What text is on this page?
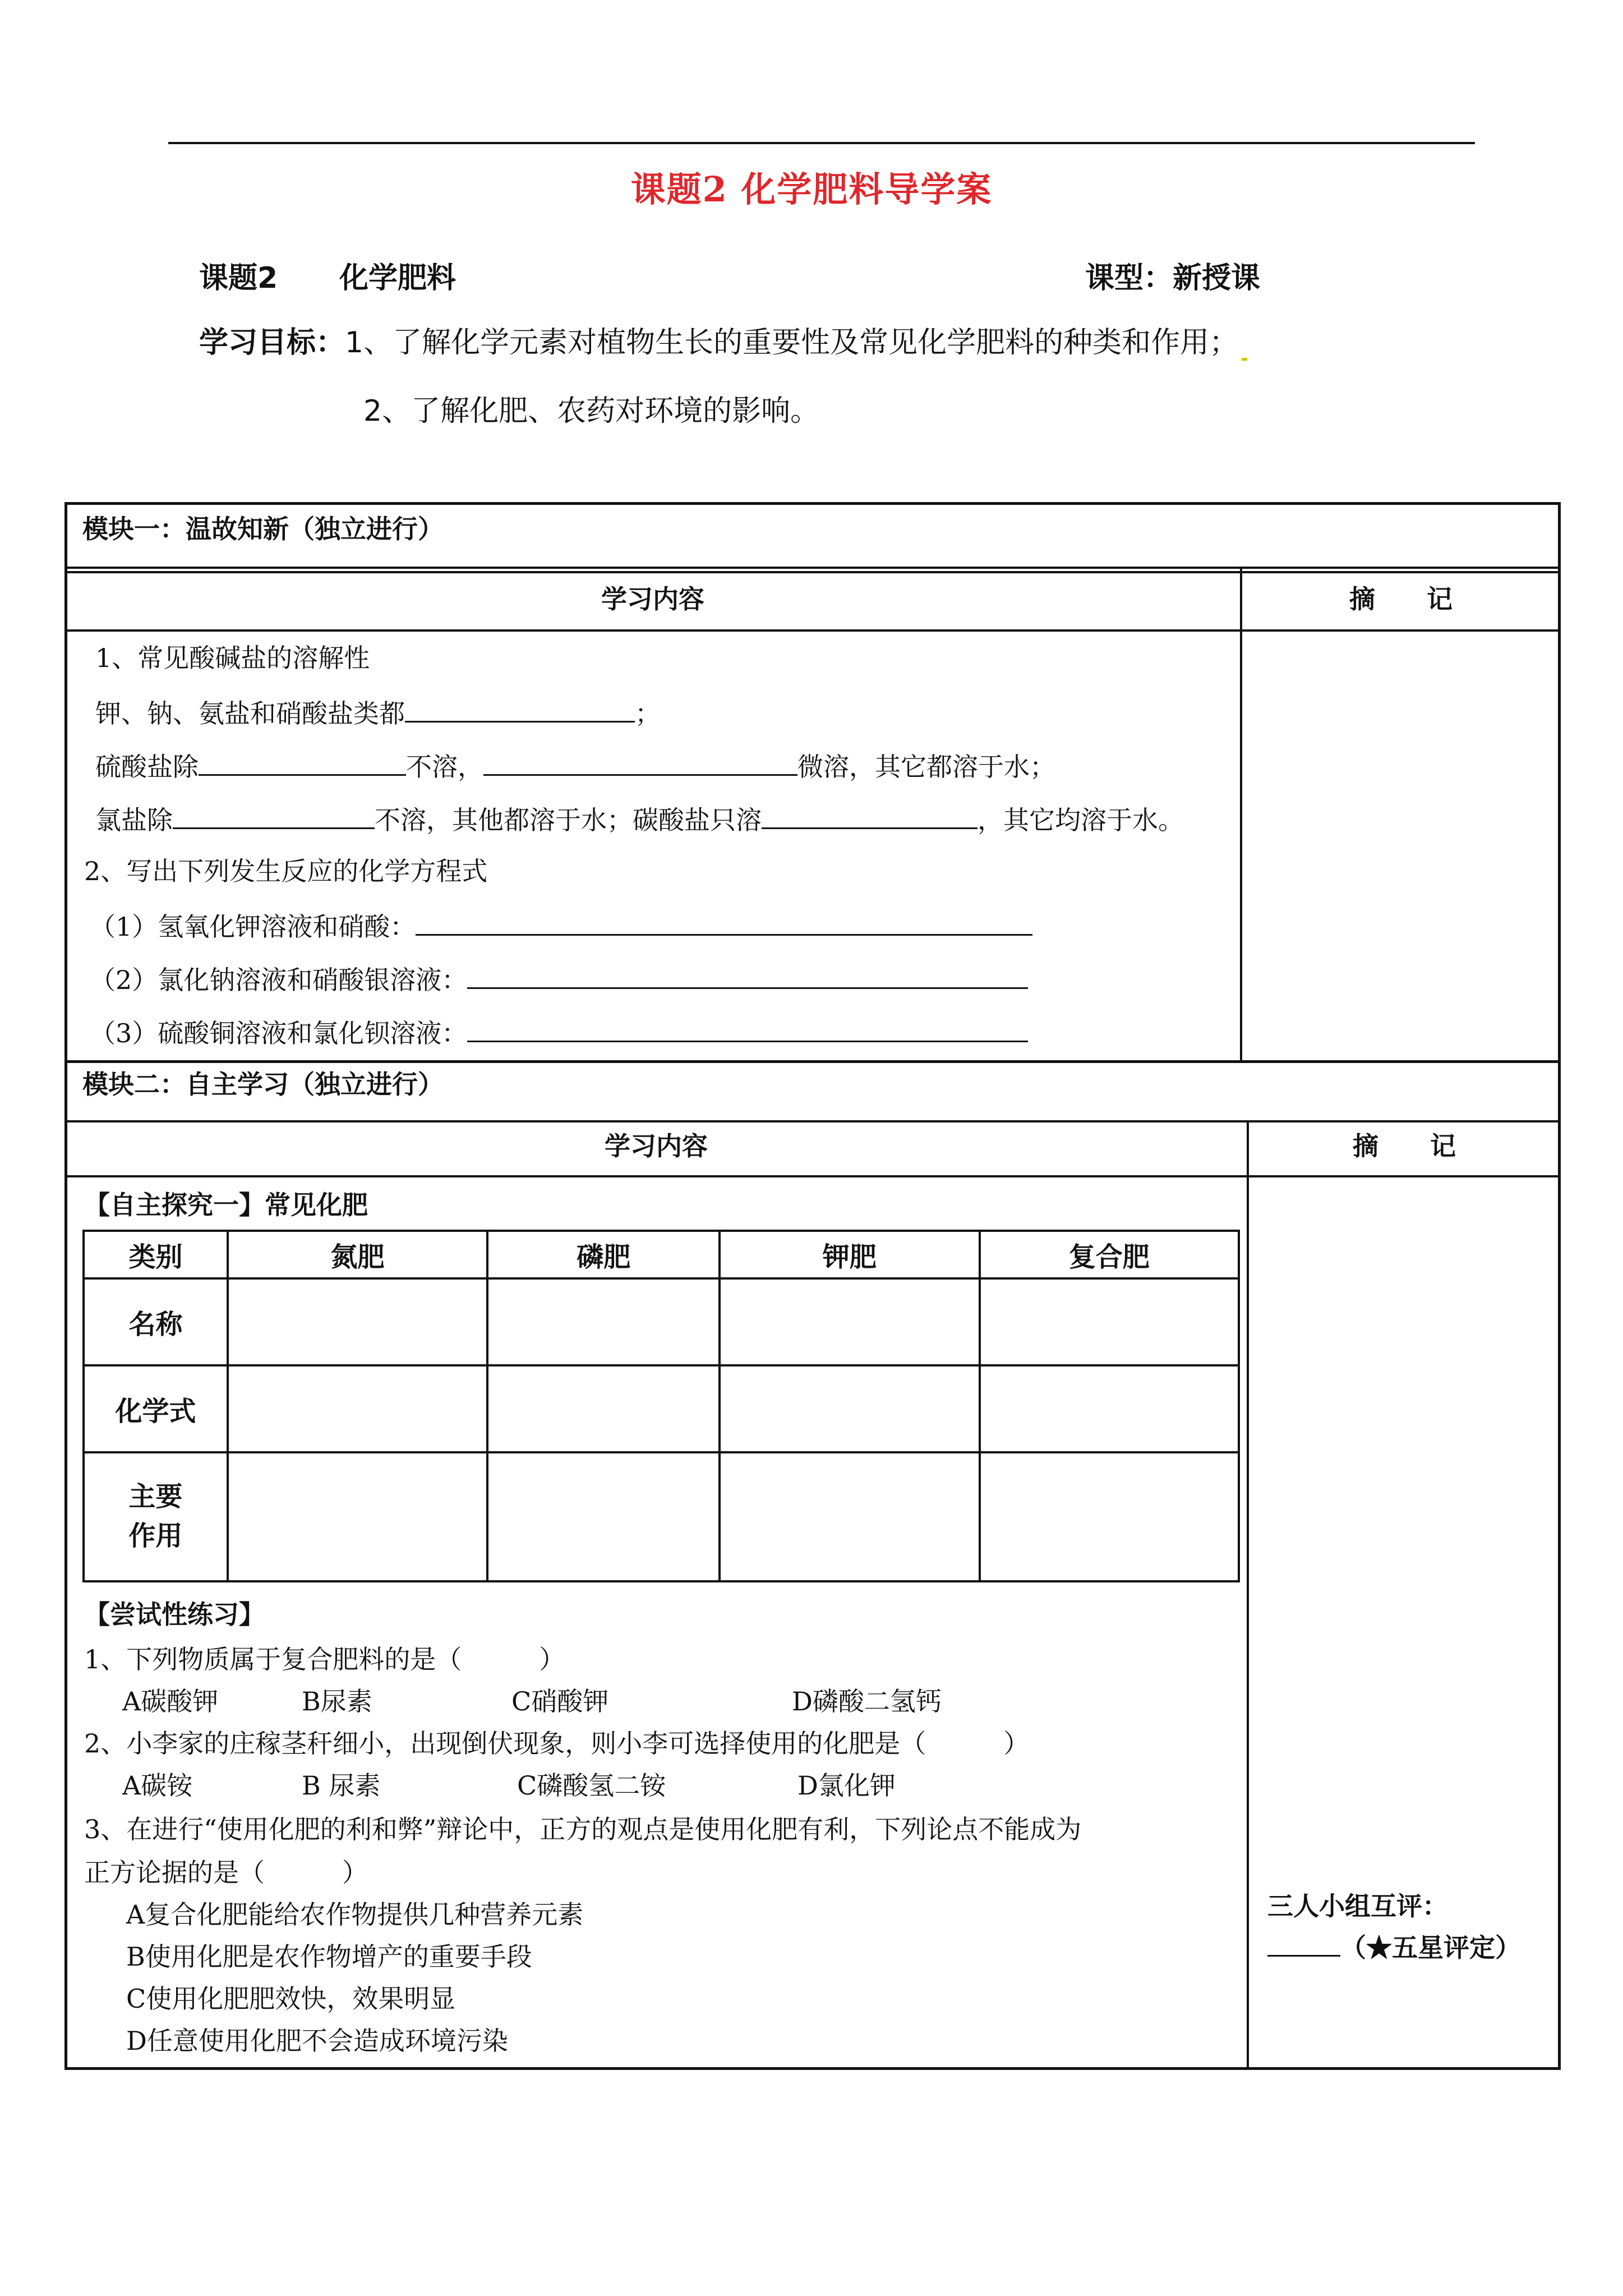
课题2 化学肥料导学案
课题2 化学肥料	课型：新授课
学习目标：1、了解化学元素对植物生长的重要性及常见化学肥料的种类和作用；
2、了解化肥、农药对环境的影响。
模块一：温故知新（独立进行）
学习内容	摘　　记
1、常见酸碱盐的溶解性
钾、钠、氨盐和硝酸盐类都	；
硫酸盐除	不溶，	微溶，其它都溶于水；
氯盐除	不溶，其他都溶于水；碳酸盐只溶	，其它均溶于水。
2、写出下列发生反应的化学方程式
（1）氢氧化钾溶液和硝酸：
（2）氯化钠溶液和硝酸银溶液：
（3）硫酸铜溶液和氯化钡溶液：
模块二：自主学习（独立进行）
学习内容	摘　　记
【自主探究一】常见化肥
类别	氮肥	磷肥	钾肥	复合肥
名称				
化学式				
主要作用				
【尝试性练习】
1、下列物质属于复合肥料的是（　　　）
A碳酸钾	B尿素	C硝酸钾	D磷酸二氢钙
2、小李家的庄稼茎秆细小，出现倒伏现象，则小李可选择使用的化肥是（　　　）
A碳铵	B 尿素	C磷酸氢二铵	D氯化钾
3、在进行“使用化肥的利和弊”辩论中，正方的观点是使用化肥有利，下列论点不能成为
正方论据的是（　　　）
A复合化肥能给农作物提供几种营养元素
B使用化肥是农作物增产的重要手段
C使用化肥肥效快，效果明显
D任意使用化肥不会造成环境污染
三人小组互评：
（★五星评定）
